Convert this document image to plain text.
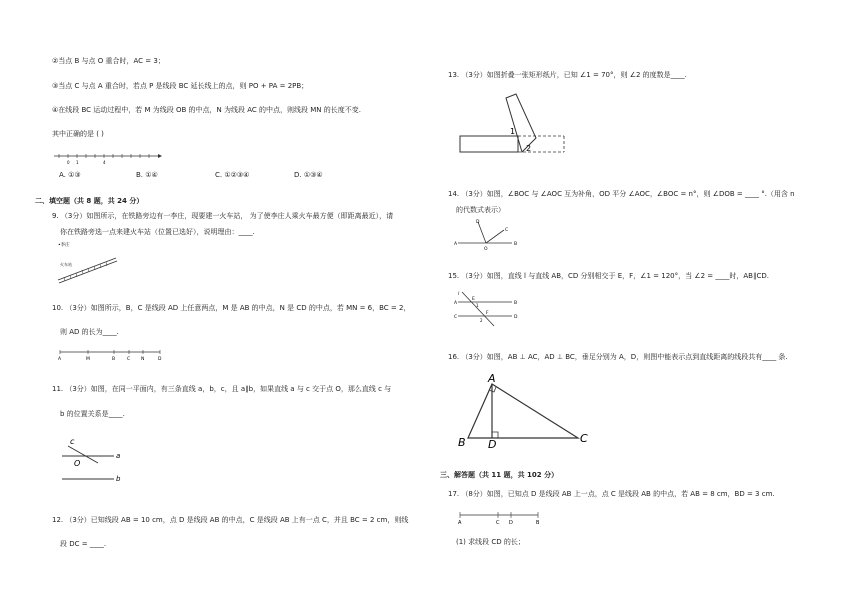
②当点 B 与点 O 重合时，AC = 3；
③当点 C 与点 A 重合时，若点 P 是线段 BC 延长线上的点，则 PO + PA = 2PB；
④在线段 BC 运动过程中，若 M 为线段 OB 的中点，N 为线段 AC 的中点，则线段 MN 的长度不变.
其中正确的是 ( )
0 1	4
A. ①③	B. ①④	C. ①②③④	D. ①③④
二、填空题（共 8 题，共 24 分）
9. （3分）如图所示，在铁路旁边有一李庄，现要建一火车站， 为了使李庄人乘火车最方便（即距离最近），请
你在铁路旁选一点来建火车站（位置已选好），说明理由：____.
•李庄
火车站
10. （3分）如图所示，B，C 是线段 AD 上任意两点，M 是 AB 的中点，N 是 CD 的中点，若 MN = 6，BC = 2，
则 AD 的长为____.
A	M	B	C N	D
11. （3分）如图，在同一平面内，有三条直线 a，b，c，且 a∥b，如果直线 a 与 c 交于点 O，那么直线 c 与
b 的位置关系是____.
c
O
a
b
12. （3分）已知线段 AB = 10 cm，点 D 是线段 AB 的中点，C 是线段 AB 上有一点 C，并且 BC = 2 cm，则线
段 DC = ____.
13. （3分）如图折叠一张矩形纸片，已知 ∠1 = 70°，则 ∠2 的度数是____.
1
2
14. （3分）如图，∠BOC 与 ∠AOC 互为补角，OD 平分 ∠AOC，∠BOC = n°，则 ∠DOB = ____ °.（用含 n
的代数式表示）
D
C
A
O
B
15. （3分）如图，直线 l 与直线 AB，CD 分别相交于 E，F，∠1 = 120°，当 ∠2 = ____时，AB∥CD.
l
A
E
B
C
F
D
1
2
16. （3分）如图，AB ⊥ AC，AD ⊥ BC，垂足分别为 A，D，则图中能表示点到直线距离的线段共有____ 条.
A
B D	C
三、解答题（共 11 题，共 102 分）
17. （8分）如图，已知点 D 是线段 AB 上一点，点 C 是线段 AB 的中点，若 AB = 8 cm，BD = 3 cm.
A	C D	B
(1) 求线段 CD 的长；
